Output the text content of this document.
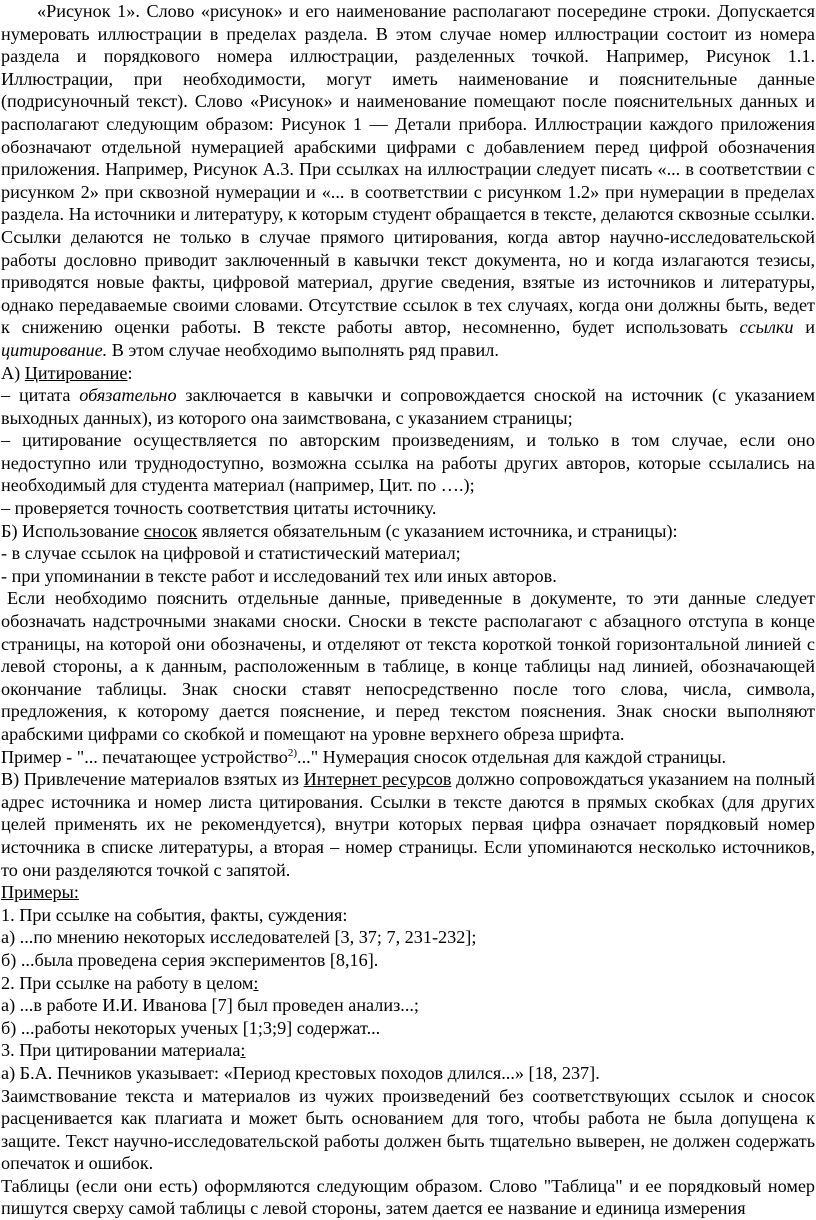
«Рисунок 1». Слово «рисунок» и его наименование располагают посередине строки. Допускается нумеровать иллюстрации в пределах раздела. В этом случае номер иллюстрации состоит из номера раздела и порядкового номера иллюстрации, разделенных точкой. Например, Рисунок 1.1. Иллюстрации, при необходимости, могут иметь наименование и пояснительные данные (подрисуночный текст). Слово «Рисунок» и наименование помещают после пояснительных данных и располагают следующим образом: Рисунок 1 — Детали прибора. Иллюстрации каждого приложения обозначают отдельной нумерацией арабскими цифрами с добавлением перед цифрой обозначения приложения. Например, Рисунок А.3. При ссылках на иллюстрации следует писать «... в соответствии с рисунком 2» при сквозной нумерации и «... в соответствии с рисунком 1.2» при нумерации в пределах раздела. На источники и литературу, к которым студент обращается в тексте, делаются сквозные ссылки. Ссылки делаются не только в случае прямого цитирования, когда автор научно-исследовательской работы дословно приводит заключенный в кавычки текст документа, но и когда излагаются тезисы, приводятся новые факты, цифровой материал, другие сведения, взятые из источников и литературы, однако передаваемые своими словами. Отсутствие ссылок в тех случаях, когда они должны быть, ведет к снижению оценки работы. В тексте работы автор, несомненно, будет использовать ссылки и цитирование. В этом случае необходимо выполнять ряд правил.

А) Цитирование:

– цитата обязательно заключается в кавычки и сопровождается сноской на источник (с указанием выходных данных), из которого она заимствована, с указанием страницы;

– цитирование осуществляется по авторским произведениям, и только в том случае, если оно недоступно или труднодоступно, возможна ссылка на работы других авторов, которые ссылались на необходимый для студента материал (например, Цит. по ….);

– проверяется точность соответствия цитаты источнику.

Б) Использование сносок является обязательным (с указанием источника, и страницы):

- в случае ссылок на цифровой и статистический материал;

- при упоминании в тексте работ и исследований тех или иных авторов.

Если необходимо пояснить отдельные данные, приведенные в документе, то эти данные следует обозначать надстрочными знаками сноски. Сноски в тексте располагают с абзацного отступа в конце страницы, на которой они обозначены, и отделяют от текста короткой тонкой горизонтальной линией с левой стороны, а к данным, расположенным в таблице, в конце таблицы над линией, обозначающей окончание таблицы. Знак сноски ставят непосредственно после того слова, числа, символа, предложения, к которому дается пояснение, и перед текстом пояснения. Знак сноски выполняют арабскими цифрами со скобкой и помещают на уровне верхнего обреза шрифта.

Пример - "... печатающее устройство$^{2)}$..." Нумерация сносок отдельная для каждой страницы.

В) Привлечение материалов взятых из Интернет ресурсов должно сопровождаться указанием на полный адрес источника и номер листа цитирования. Ссылки в тексте даются в прямых скобках (для других целей применять их не рекомендуется), внутри которых первая цифра означает порядковый номер источника в списке литературы, а вторая – номер страницы. Если упоминаются несколько источников, то они разделяются точкой с запятой.

Примеры:

1. При ссылке на события, факты, суждения:

а) ...по мнению некоторых исследователей [3, 37; 7, 231-232];

б) ...была проведена серия экспериментов [8,16].

2. При ссылке на работу в целом:

а) ...в работе И.И. Иванова [7] был проведен анализ...;

б) ...работы некоторых ученых [1;3;9] содержат...

3. При цитировании материала:

а) Б.А. Печников указывает: «Период крестовых походов длился...» [18, 237].

Заимствование текста и материалов из чужих произведений без соответствующих ссылок и сносок расценивается как плагиата и может быть основанием для того, чтобы работа не была допущена к защите. Текст научно-исследовательской работы должен быть тщательно выверен, не должен содержать опечаток и ошибок.

Таблицы (если они есть) оформляются следующим образом. Слово "Таблица" и ее порядковый номер пишутся сверху самой таблицы с левой стороны, затем дается ее название и единица измерения
